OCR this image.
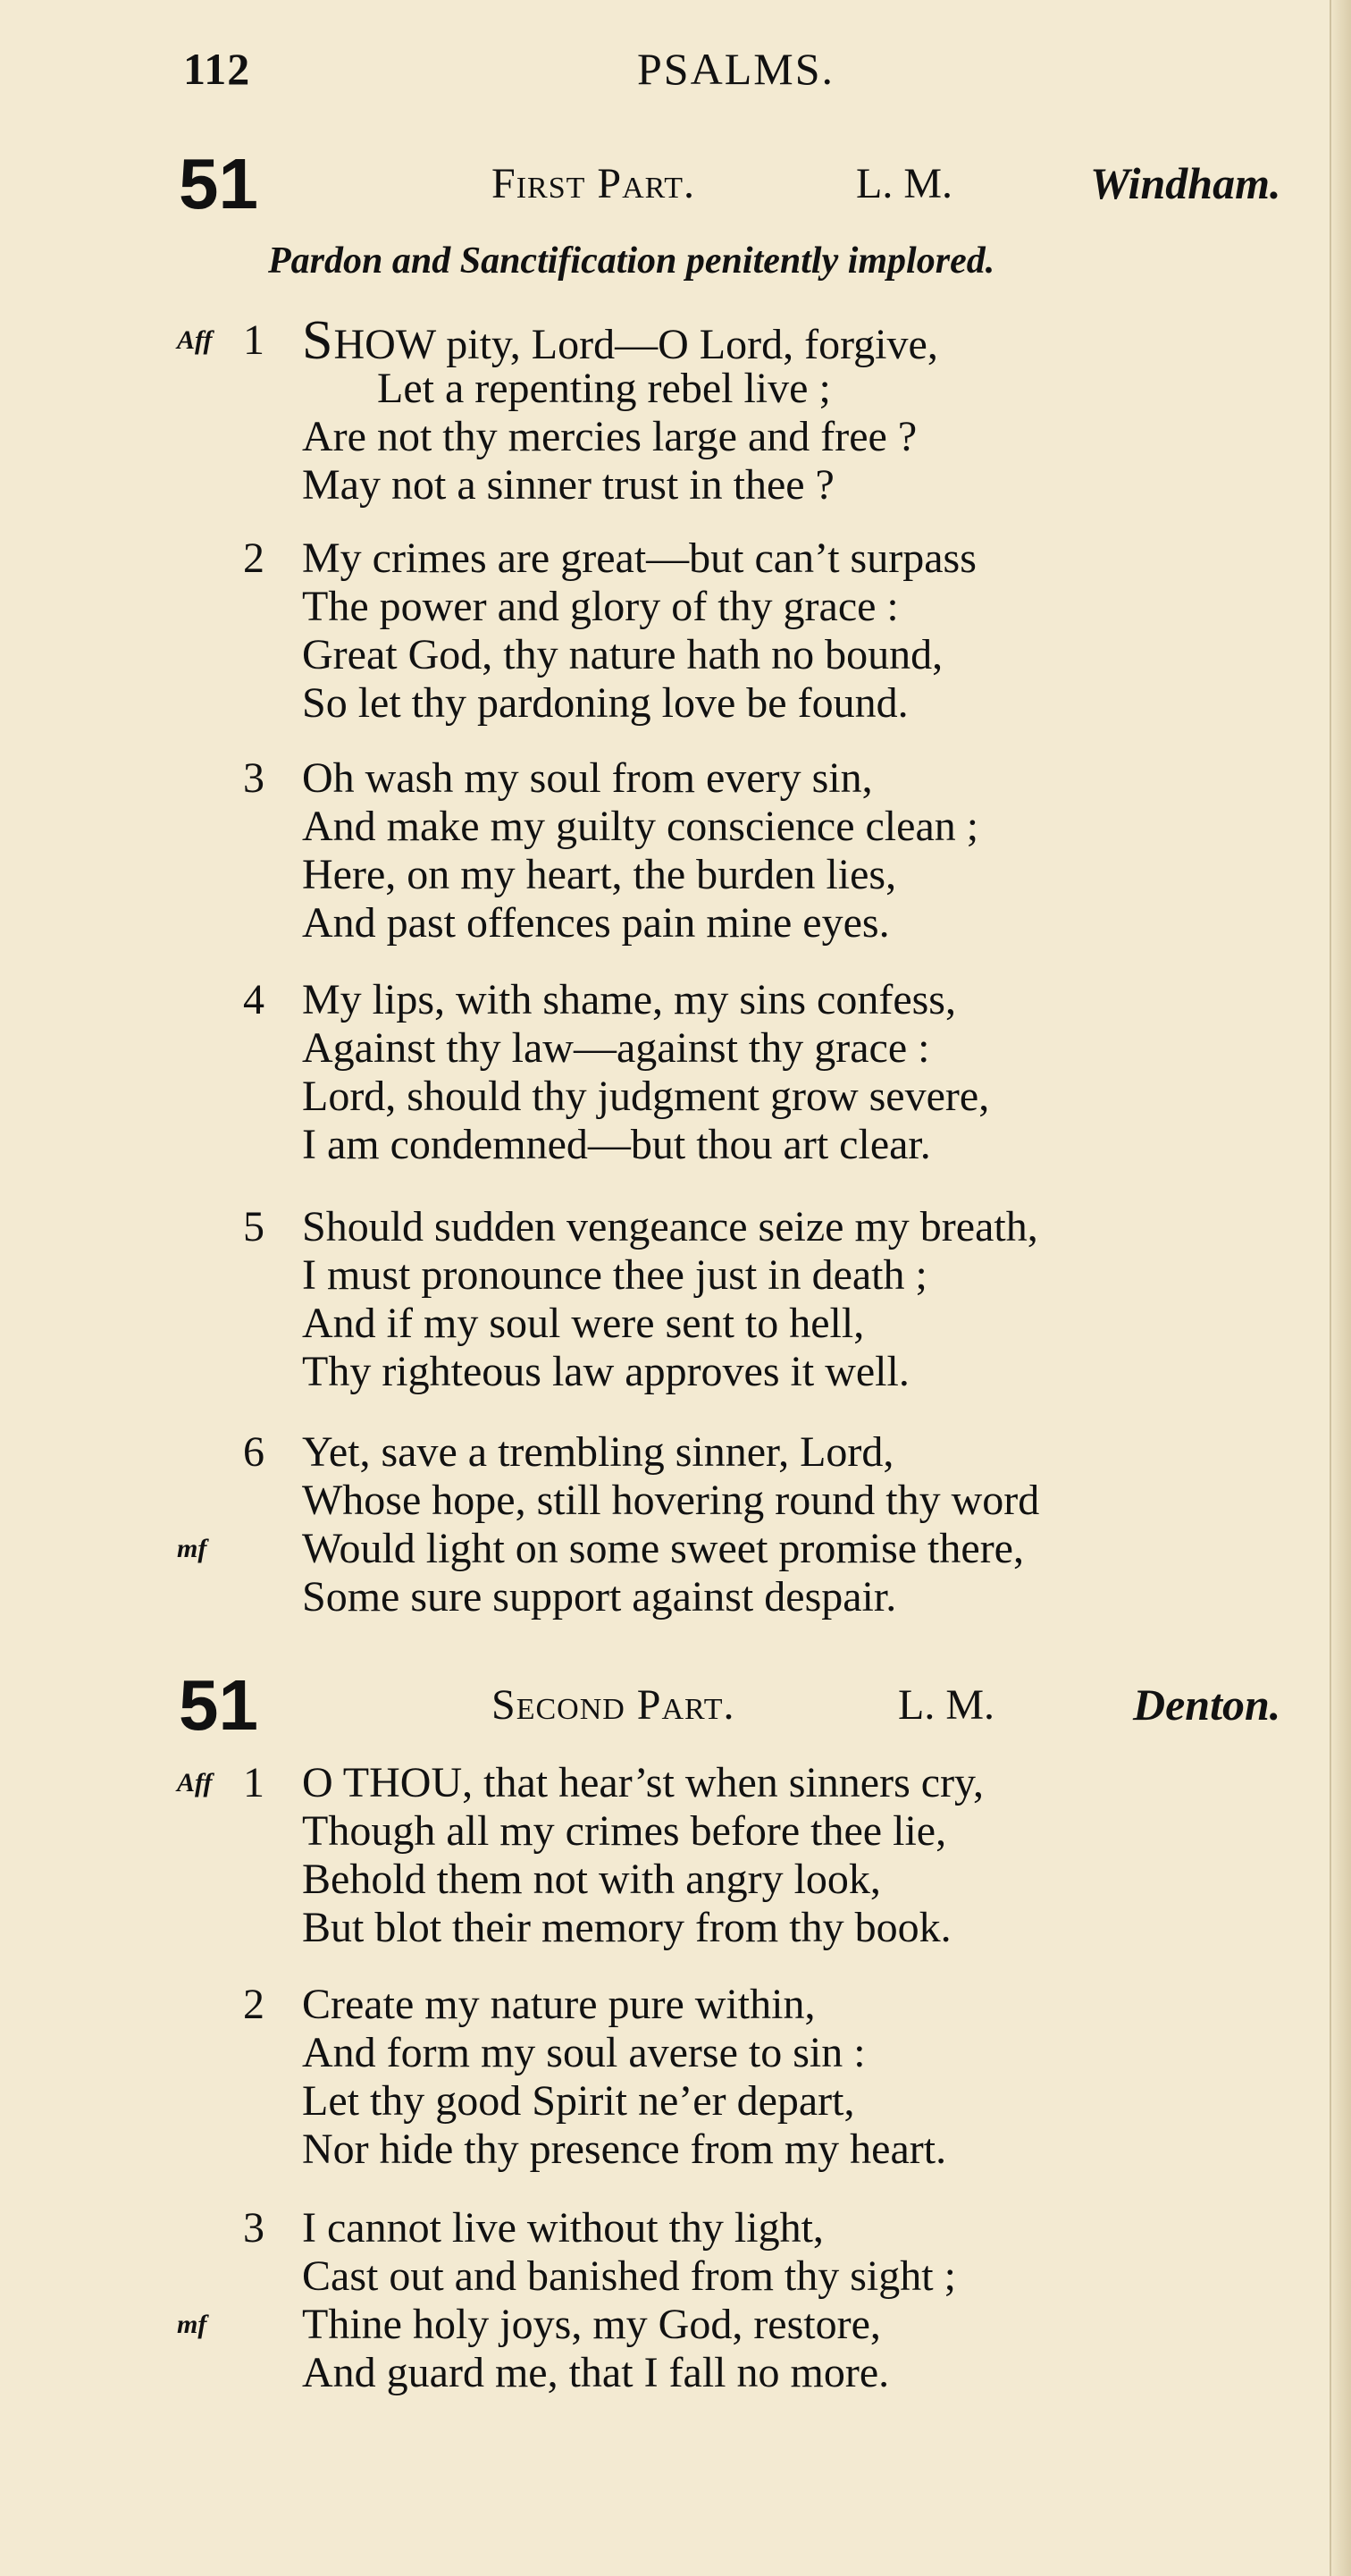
112	PSALMS.
51	First Part.	L. M.	Windham.
Pardon and Sanctification penitently implored.
Aff 1 SHOW pity, Lord—O Lord, forgive,
Let a repenting rebel live ;
Are not thy mercies large and free ?
May not a sinner trust in thee ?
2 My crimes are great—but can’t surpass
The power and glory of thy grace :
Great God, thy nature hath no bound,
So let thy pardoning love be found.
3 Oh wash my soul from every sin,
And make my guilty conscience clean ;
Here, on my heart, the burden lies,
And past offences pain mine eyes.
4 My lips, with shame, my sins confess,
Against thy law—against thy grace :
Lord, should thy judgment grow severe,
I am condemned—but thou art clear.
5 Should sudden vengeance seize my breath,
I must pronounce thee just in death ;
And if my soul were sent to hell,
Thy righteous law approves it well.
6 Yet, save a trembling sinner, Lord,
Whose hope, still hovering round thy word
mf Would light on some sweet promise there,
Some sure support against despair.
51	Second Part.	L. M.	Denton.
Aff 1 O THOU, that hear’st when sinners cry,
Though all my crimes before thee lie,
Behold them not with angry look,
But blot their memory from thy book.
2 Create my nature pure within,
And form my soul averse to sin :
Let thy good Spirit ne’er depart,
Nor hide thy presence from my heart.
3 I cannot live without thy light,
Cast out and banished from thy sight ;
mf Thine holy joys, my God, restore,
And guard me, that I fall no more.
